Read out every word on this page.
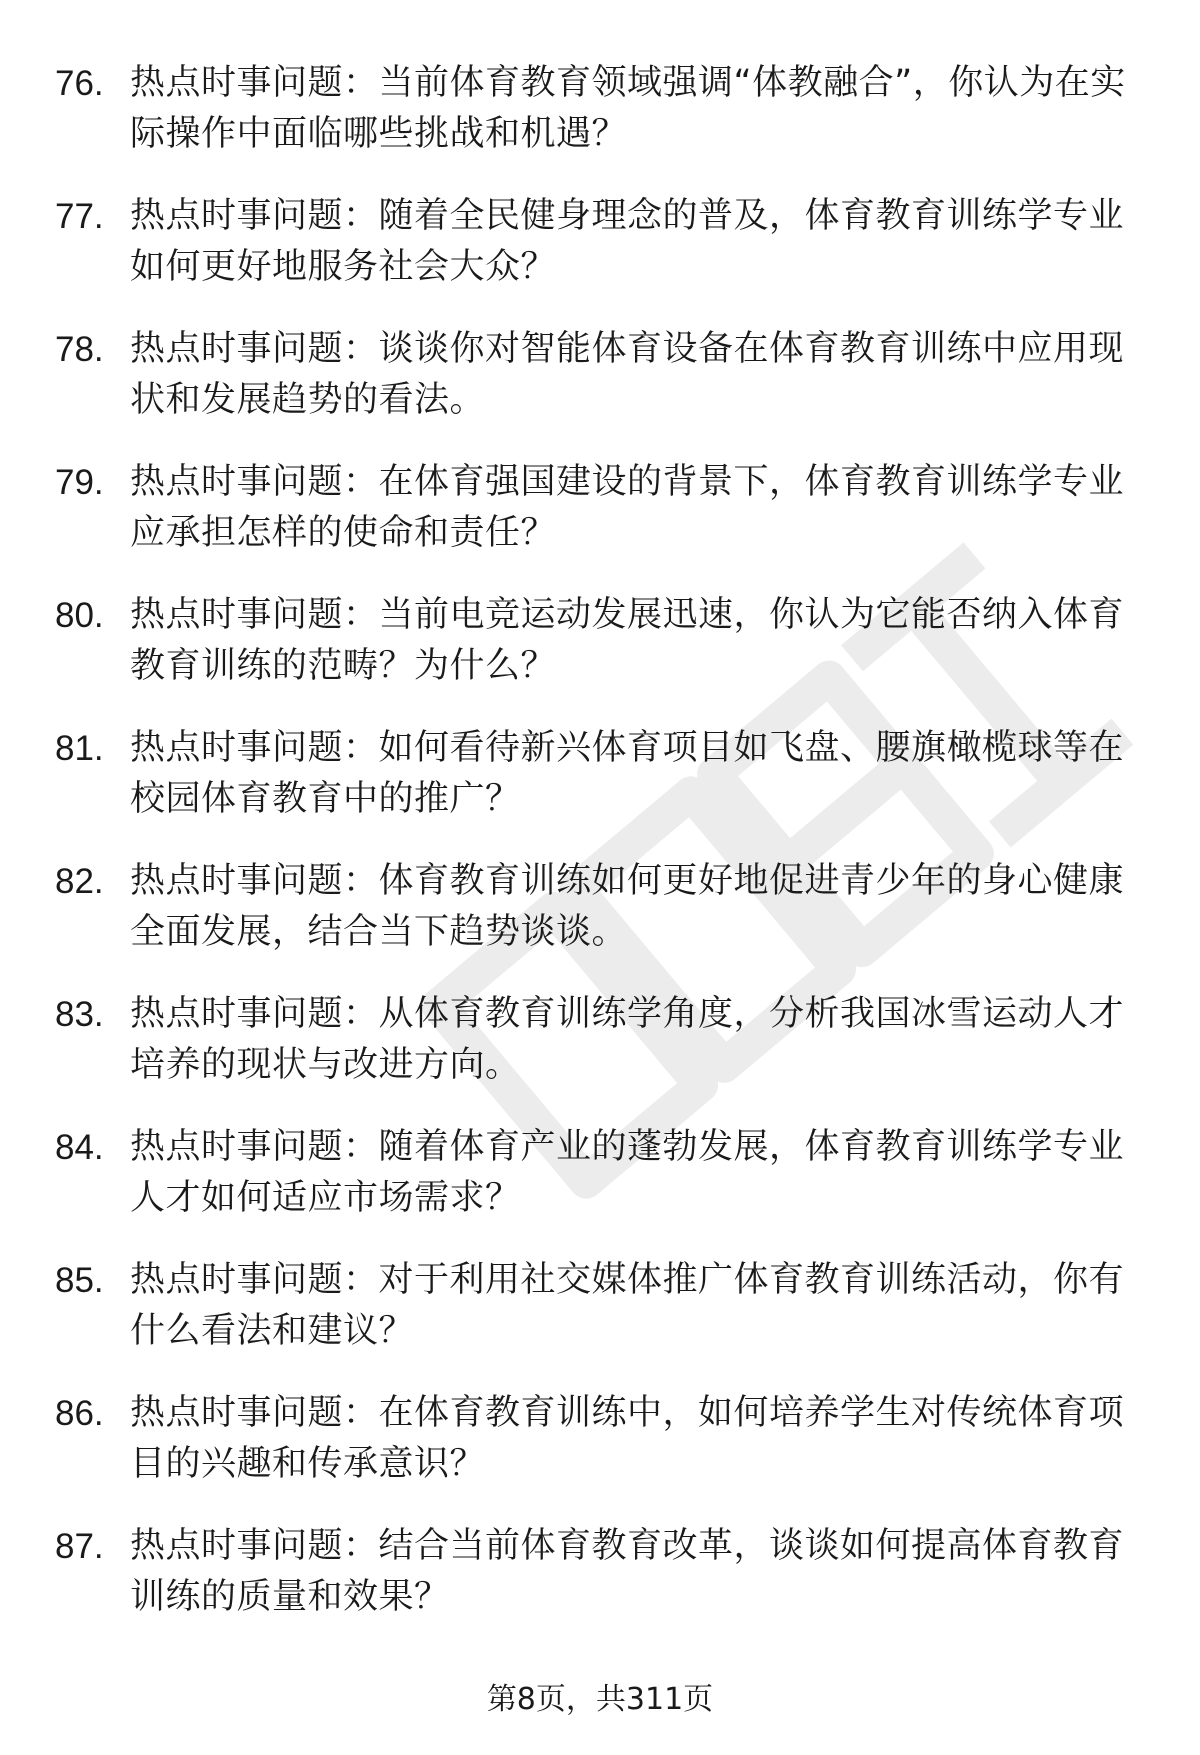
76. 热点时事问题：当前体育教育领域强调“体教融合”，你认为在实际操作中面临哪些挑战和机遇？
77. 热点时事问题：随着全民健身理念的普及，体育教育训练学专业如何更好地服务社会大众？
78. 热点时事问题：谈谈你对智能体育设备在体育教育训练中应用现状和发展趋势的看法。
79. 热点时事问题：在体育强国建设的背景下，体育教育训练学专业应承担怎样的使命和责任？
80. 热点时事问题：当前电竞运动发展迅速，你认为它能否纳入体育教育训练的范畴？为什么？
81. 热点时事问题：如何看待新兴体育项目如飞盘、腰旗橄榄球等在校园体育教育中的推广？
82. 热点时事问题：体育教育训练如何更好地促进青少年的身心健康全面发展，结合当下趋势谈谈。
83. 热点时事问题：从体育教育训练学角度，分析我国冰雪运动人才培养的现状与改进方向。
84. 热点时事问题：随着体育产业的蓬勃发展，体育教育训练学专业人才如何适应市场需求？
85. 热点时事问题：对于利用社交媒体推广体育教育训练活动，你有什么看法和建议？
86. 热点时事问题：在体育教育训练中，如何培养学生对传统体育项目的兴趣和传承意识？
87. 热点时事问题：结合当前体育教育改革，谈谈如何提高体育教育训练的质量和效果？
第8页，共311页
